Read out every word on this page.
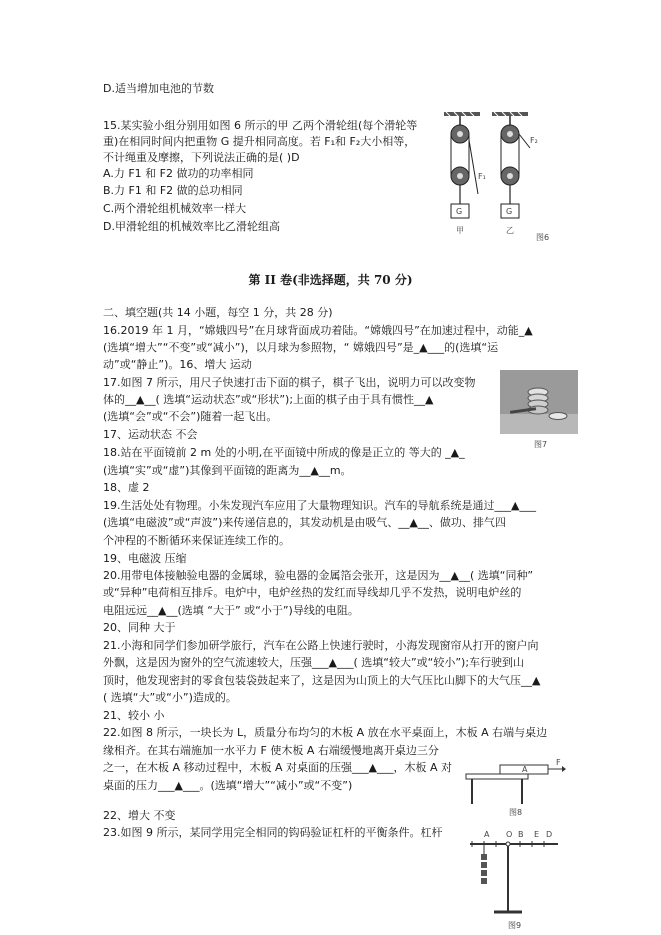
D.适当增加电池的节数
15.某实验小组分别用如图 6 所示的甲 乙两个滑轮组(每个滑轮等
重)在相同时间内把重物 G 提升相同高度。若 F₁和 F₂大小相等，
不计绳重及摩擦，下列说法正确的是( )D
A.力 F1 和 F2 做功的功率相同
B.力 F1 和 F2 做的总功相同
C.两个滑轮组机械效率一样大
D.甲滑轮组的机械效率比乙滑轮组高
F₁
F₂
G	G
甲	乙
图6
第 II 卷(非选择题，共 70 分)
二、填空题(共 14 小题，每空 1 分，共 28 分)
16.2019 年 1 月，“嫦娥四号”在月球背面成功着陆。“嫦娥四号”在加速过程中，动能_▲
(选填“增大”“不变”或“减小”)，以月球为参照物，“ 嫦娥四号”是_▲___的(选填“运
动”或“静止”)。16、增大 运动
17.如图 7 所示，用尺子快速打击下面的棋子，棋子飞出，说明力可以改变物
体的__▲__( 选填“运动状态”或“形状”);上面的棋子由于具有惯性__▲
(选填“会”或“不会”)随着一起飞出。
17、运动状态 不会
图7
18.站在平面镜前 2 m 处的小明,在平面镜中所成的像是正立的 等大的 _▲_
(选填“实”或“虚”)其像到平面镜的距离为__▲__m。
18、虚 2
19.生活处处有物理。小朱发现汽车应用了大量物理知识。汽车的导航系统是通过___▲___
(选填“电磁波”或“声波”)来传递信息的，其发动机是由吸气、__▲__、做功、排气四
个冲程的不断循环来保证连续工作的。
19、电磁波 压缩
20.用带电体接触验电器的金属球，验电器的金属箔会张开，这是因为__▲__( 选填“同种”
或“异种”电荷相互排斥。电炉中，电炉丝热的发红而导线却几乎不发热，说明电炉丝的
电阻远远__▲__(选填 “大于” 或“小于”)导线的电阻。
20、同种 大于
21.小海和同学们参加研学旅行，汽车在公路上快速行驶时，小海发现窗帘从打开的窗户向
外飘，这是因为窗外的空气流速较大，压强___▲___( 选填“较大”或“较小”);车行驶到山
顶时，他发现密封的零食包装袋鼓起来了，这是因为山顶上的大气压比山脚下的大气压__▲
( 选填“大”或“小”)造成的。
21、较小 小
22.如图 8 所示，一块长为 L，质量分布均匀的木板 A 放在水平桌面上，木板 A 右端与桌边
缘相齐。在其右端施加一水平力 F 使木板 A 右端缓慢地离开桌边三分
之一，在木板 A 移动过程中，木板 A 对桌面的压强___▲___，木板 A 对
桌面的压力___▲___。(选填“增大”“减小”或“不变”)
A
F
图8
22、增大 不变
23.如图 9 所示，某同学用完全相同的钩码验证杠杆的平衡条件。杠杆	A O B E D
图9
